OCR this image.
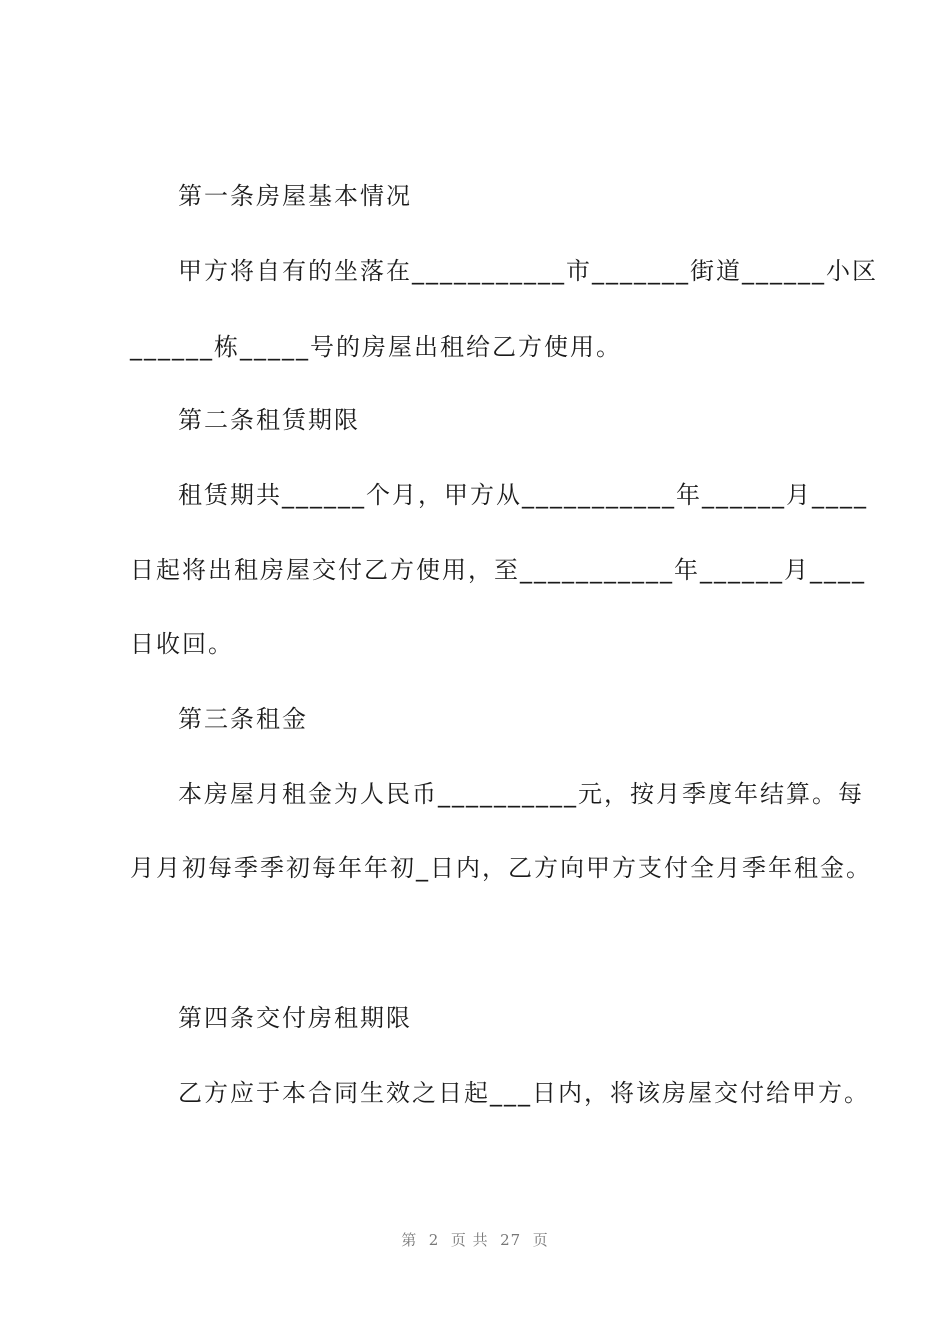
第一条房屋基本情况
甲方将自有的坐落在___________市_______街道______小区
______栋_____号的房屋出租给乙方使用。
第二条租赁期限
租赁期共______个月，甲方从___________年______月____
日起将出租房屋交付乙方使用，至___________年______月____
日收回。
第三条租金
本房屋月租金为人民币__________元，按月季度年结算。每
月月初每季季初每年年初_日内，乙方向甲方支付全月季年租金。
第四条交付房租期限
乙方应于本合同生效之日起___日内，将该房屋交付给甲方。
第  2  页 共  27  页
